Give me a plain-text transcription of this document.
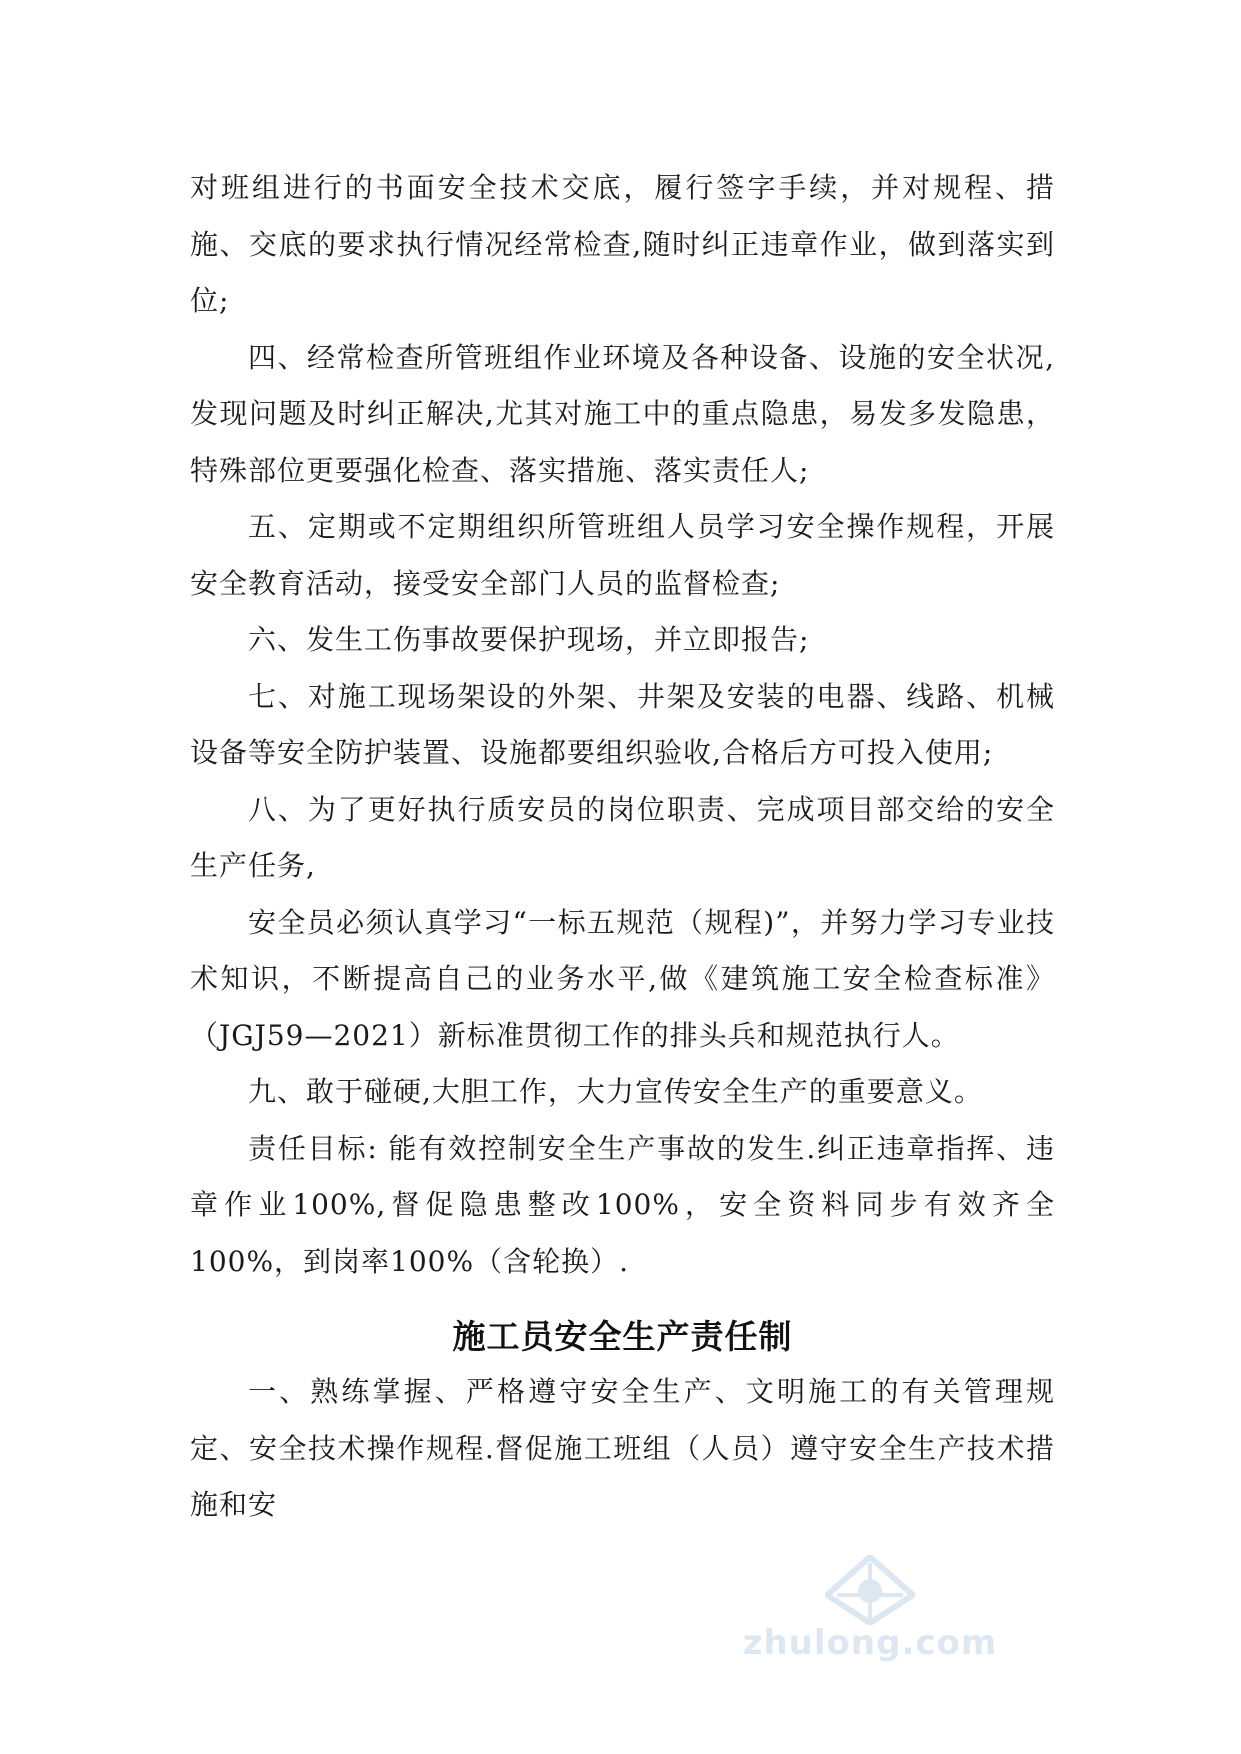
对班组进行的书面安全技术交底，履行签字手续，并对规程、措施、交底的要求执行情况经常检查,随时纠正违章作业，做到落实到位;

四、经常检查所管班组作业环境及各种设备、设施的安全状况,发现问题及时纠正解决,尤其对施工中的重点隐患，易发多发隐患，特殊部位更要强化检查、落实措施、落实责任人;

五、定期或不定期组织所管班组人员学习安全操作规程，开展安全教育活动，接受安全部门人员的监督检查;

六、发生工伤事故要保护现场，并立即报告;

七、对施工现场架设的外架、井架及安装的电器、线路、机械设备等安全防护装置、设施都要组织验收,合格后方可投入使用;

八、为了更好执行质安员的岗位职责、完成项目部交给的安全生产任务,

安全员必须认真学习“一标五规范（规程)”，并努力学习专业技术知识，不断提高自己的业务水平,做《建筑施工安全检查标准》（JGJ59—2021）新标准贯彻工作的排头兵和规范执行人。

九、敢于碰硬,大胆工作，大力宣传安全生产的重要意义。

责任目标: 能有效控制安全生产事故的发生.纠正违章指挥、违章作业100%,督促隐患整改100%，安全资料同步有效齐全100%，到岗率100%（含轮换）.

施工员安全生产责任制

一、熟练掌握、严格遵守安全生产、文明施工的有关管理规定、安全技术操作规程.督促施工班组（人员）遵守安全生产技术措施和安

zhulong.com
